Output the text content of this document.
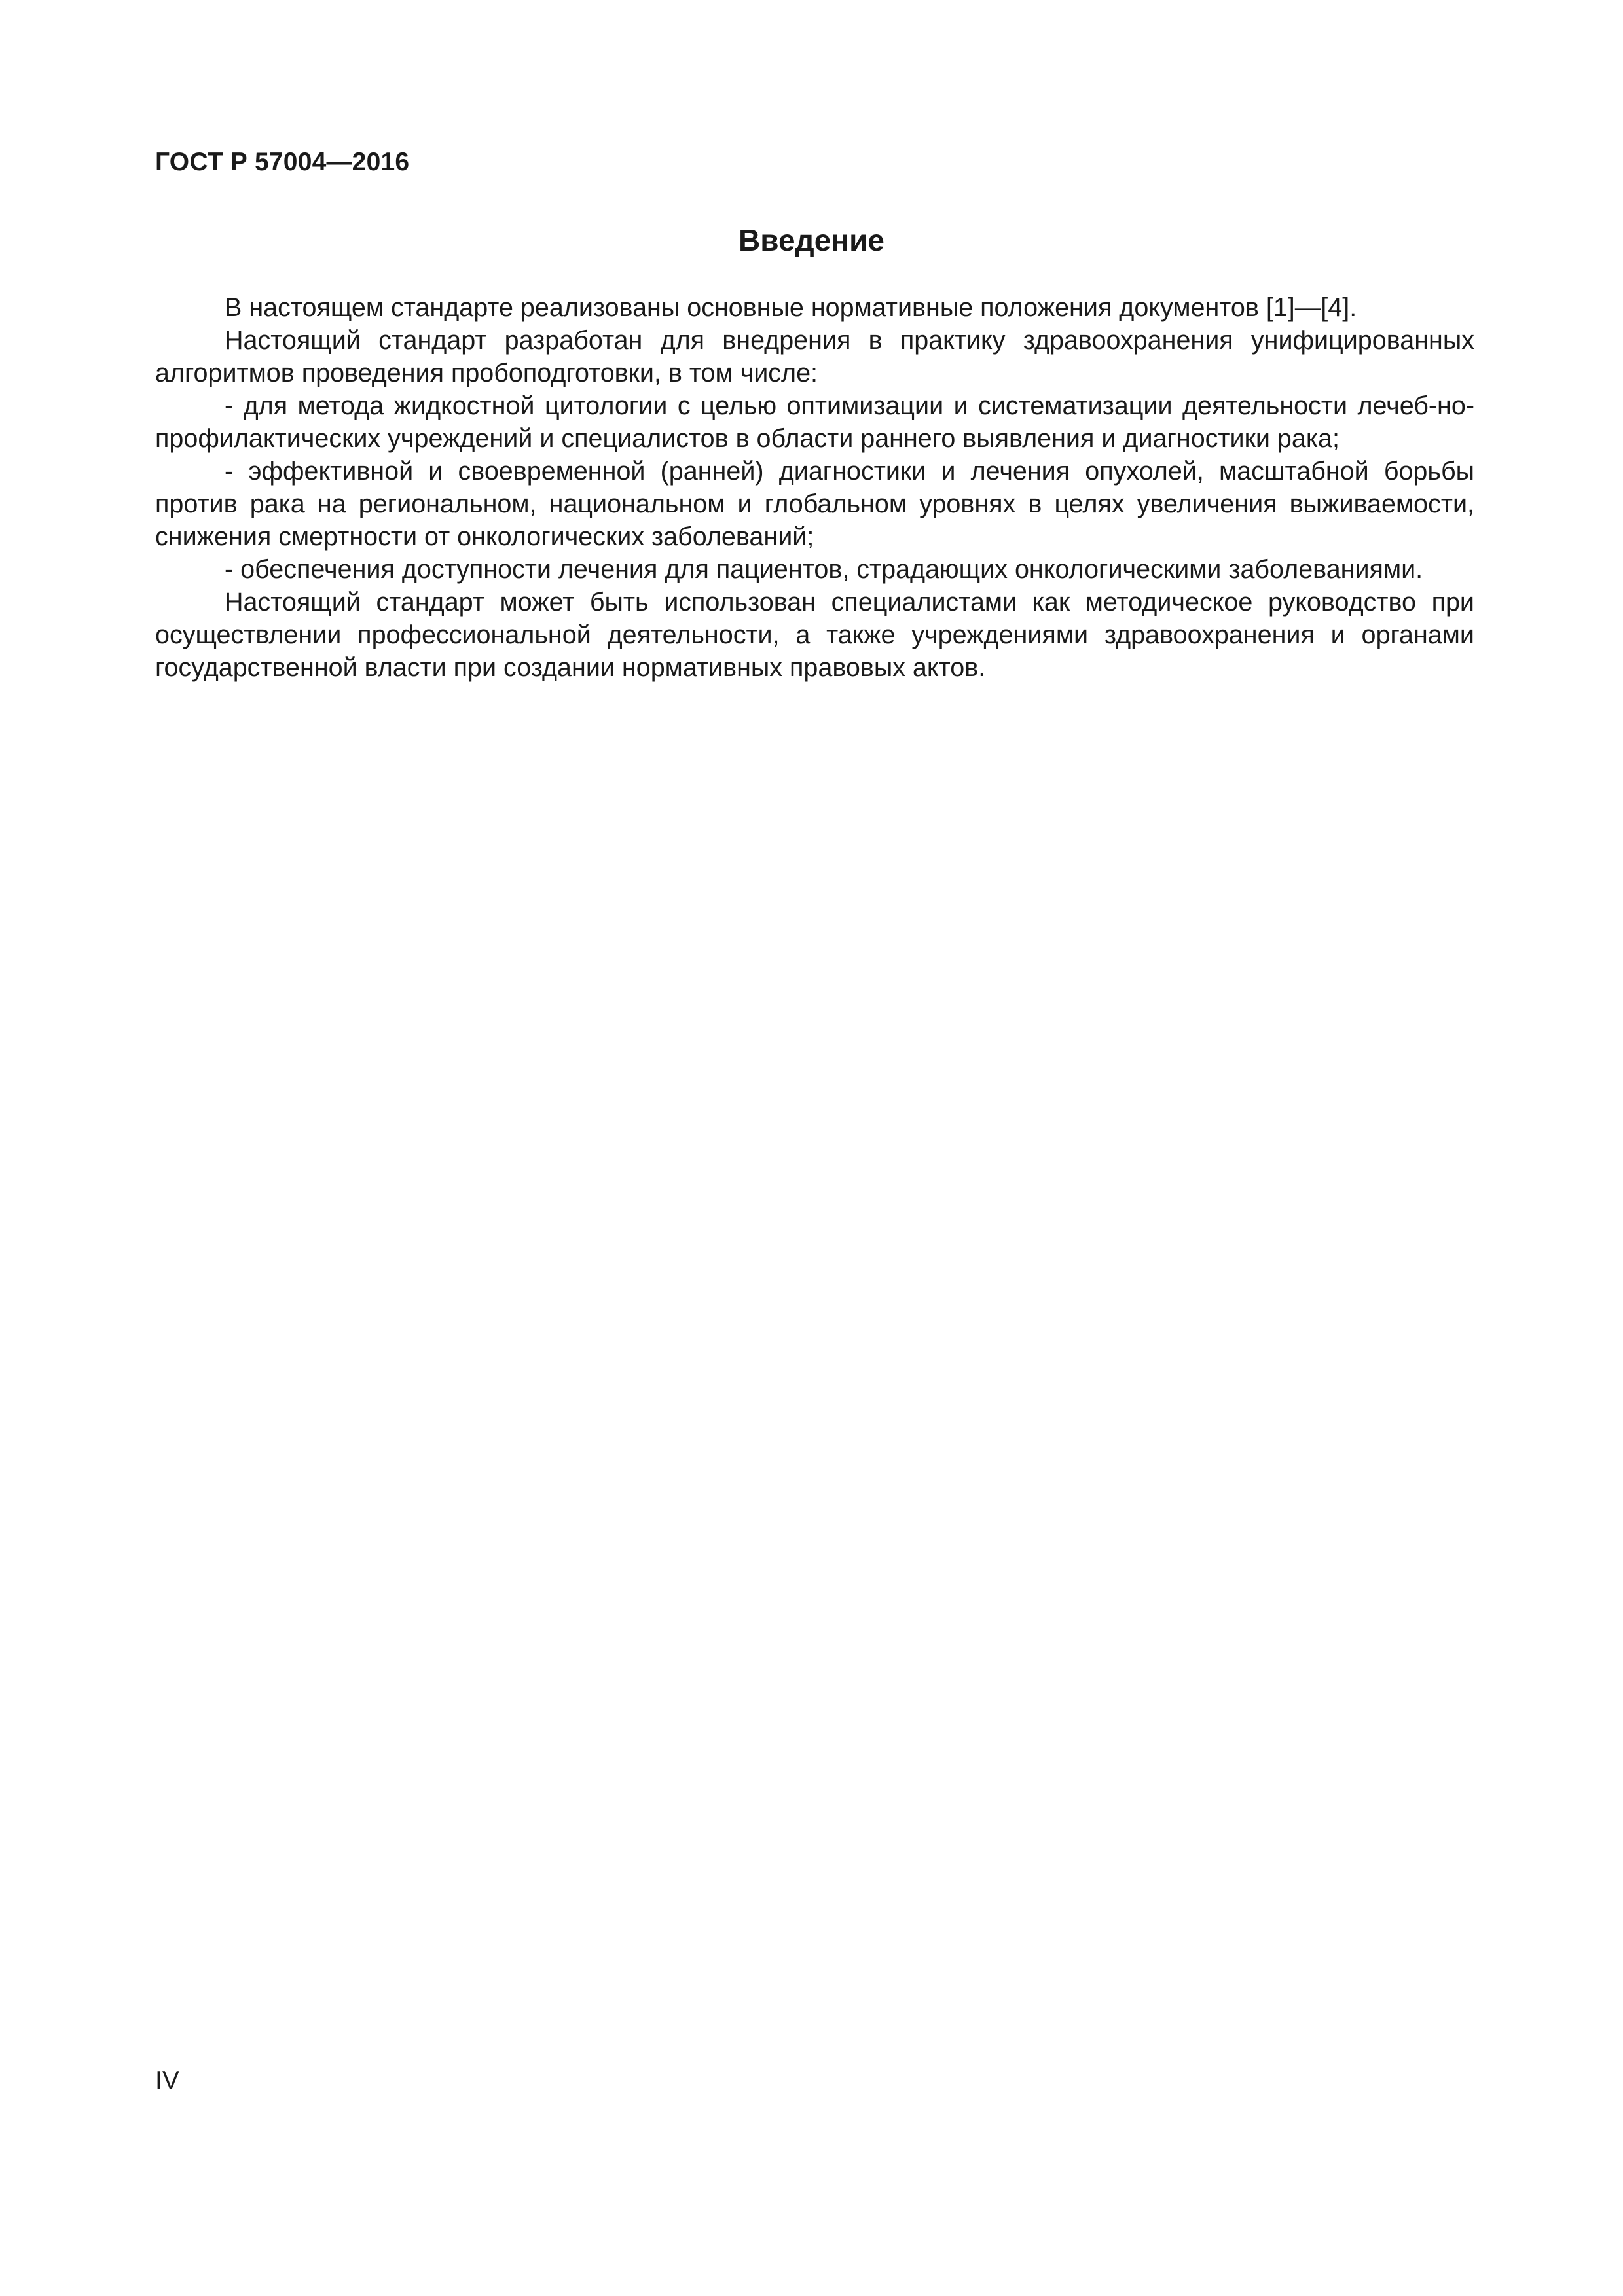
ГОСТ Р 57004—2016
Введение

В настоящем стандарте реализованы основные нормативные положения документов [1]—[4].

Настоящий стандарт разработан для внедрения в практику здравоохранения унифицированных алгоритмов проведения пробоподготовки, в том числе:

- для метода жидкостной цитологии с целью оптимизации и систематизации деятельности лечеб-но-профилактических учреждений и специалистов в области раннего выявления и диагностики рака;

- эффективной и своевременной (ранней) диагностики и лечения опухолей, масштабной борьбы против рака на региональном, национальном и глобальном уровнях в целях увеличения выживаемости, снижения смертности от онкологических заболеваний;

- обеспечения доступности лечения для пациентов, страдающих онкологическими заболеваниями.

Настоящий стандарт может быть использован специалистами как методическое руководство при осуществлении профессиональной деятельности, а также учреждениями здравоохранения и органами государственной власти при создании нормативных правовых актов.

IV
